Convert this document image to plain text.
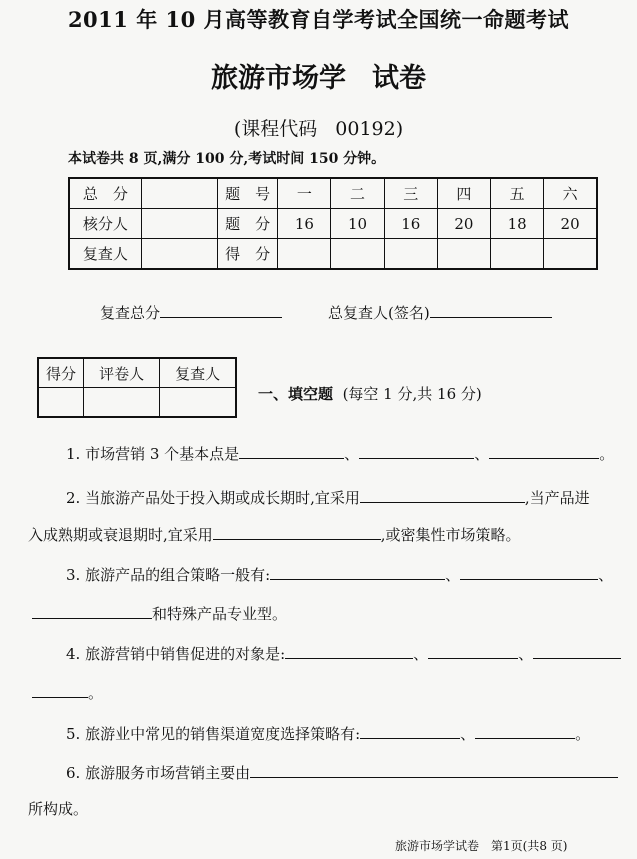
2011 年 10 月高等教育自学考试全国统一命题考试
旅游市场学 试卷
(课程代码 00192)
本试卷共 8 页,满分 100 分,考试时间 150 分钟。
总　分		题　号	一	二	三	四	五	六
核分人		题　分	16	10	16	20	18	20
复查人		得　分						
复查总分	总复查人(签名)
得分	评卷人	复查人

一、填空题 (每空 1 分,共 16 分)
1. 市场营销 3 个基本点是	、	、	。
2. 当旅游产品处于投入期或成长期时,宜采用	,当产品进
入成熟期或衰退期时,宜采用	,或密集性市场策略。
3. 旅游产品的组合策略一般有:	、	、
和特殊产品专业型。
4. 旅游营销中销售促进的对象是:	、	、
。
5. 旅游业中常见的销售渠道宽度选择策略有:	、	。
6. 旅游服务市场营销主要由
所构成。
旅游市场学试卷　第1页(共8 页)
